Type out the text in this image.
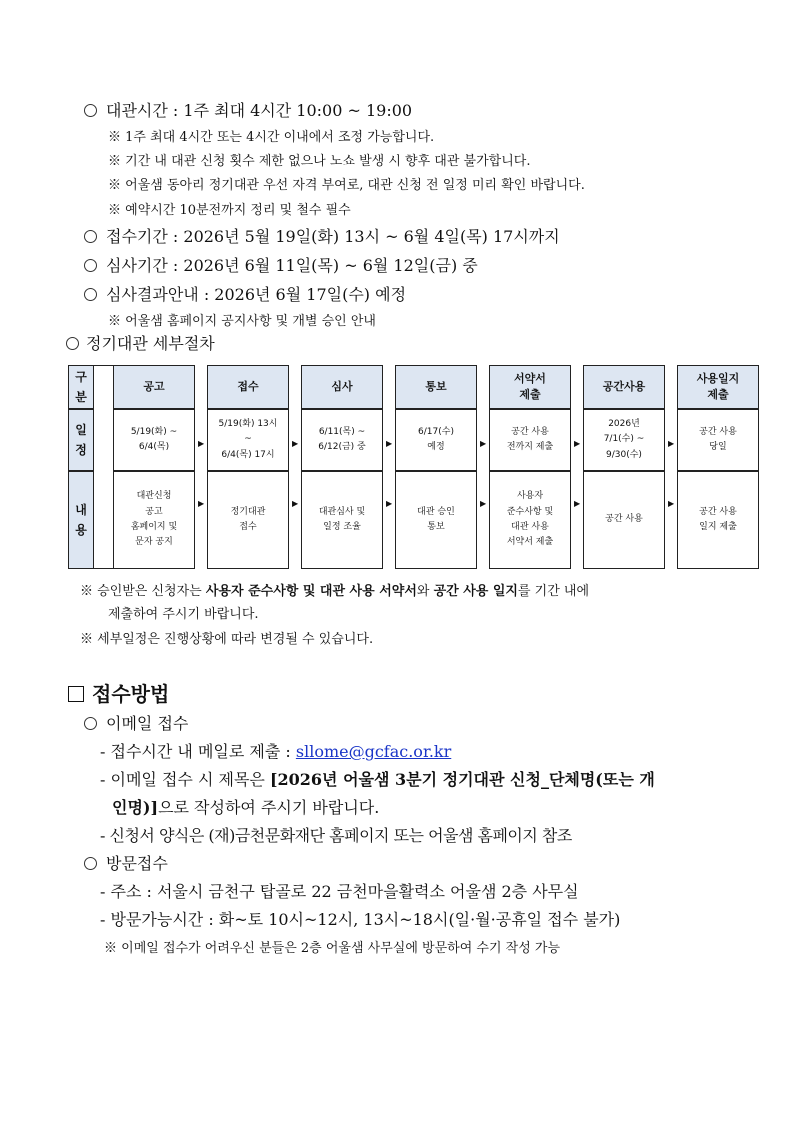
대관시간 : 1주 최대 4시간 10:00 ~ 19:00
※ 1주 최대 4시간 또는 4시간 이내에서 조정 가능합니다.
※ 기간 내 대관 신청 횟수 제한 없으나 노쇼 발생 시 향후 대관 불가합니다.
※ 어울샘 동아리 정기대관 우선 자격 부여로, 대관 신청 전 일정 미리 확인 바랍니다.
※ 예약시간 10분전까지 정리 및 철수 필수
접수기간 : 2026년 5월 19일(화) 13시 ~ 6월 4일(목) 17시까지
심사기간 : 2026년 6월 11일(목) ~ 6월 12일(금) 중
심사결과안내 : 2026년 6월 17일(수) 예정
※ 어울샘 홈페이지 공지사항 및 개별 승인 안내
정기대관 세부절차
구
분
일
정
내
용
공고
5/19(화) ~
6/4(목)
대관신청
공고
홈페이지 및
문자 공지
▶
▶
접수
5/19(화) 13시
~
6/4(목) 17시
정기대관
접수
▶
▶
심사
6/11(목) ~
6/12(금) 중
대관심사 및
일정 조율
▶
▶
통보
6/17(수)
예정
대관 승인
통보
▶
▶
서약서
제출
공간 사용
전까지 제출
사용자
준수사항 및
대관 사용
서약서 제출
▶
▶
공간사용
2026년
7/1(수) ~
9/30(수)
공간 사용
▶
▶
사용일지
제출
공간 사용
당일
공간 사용
일지 제출
※ 승인받은 신청자는 사용자 준수사항 및 대관 사용 서약서와 공간 사용 일지를 기간 내에
제출하여 주시기 바랍니다.
※ 세부일정은 진행상황에 따라 변경될 수 있습니다.
접수방법
이메일 접수
- 접수시간 내 메일로 제출 : sllome@gcfac.or.kr
- 이메일 접수 시 제목은 [2026년 어울샘 3분기 정기대관 신청_단체명(또는 개
인명)]으로 작성하여 주시기 바랍니다.
- 신청서 양식은 (재)금천문화재단 홈페이지 또는 어울샘 홈페이지 참조
방문접수
- 주소 : 서울시 금천구 탑골로 22 금천마을활력소 어울샘 2층 사무실
- 방문가능시간 : 화~토 10시~12시, 13시~18시(일·월·공휴일 접수 불가)
※ 이메일 접수가 어려우신 분들은 2층 어울샘 사무실에 방문하여 수기 작성 가능
